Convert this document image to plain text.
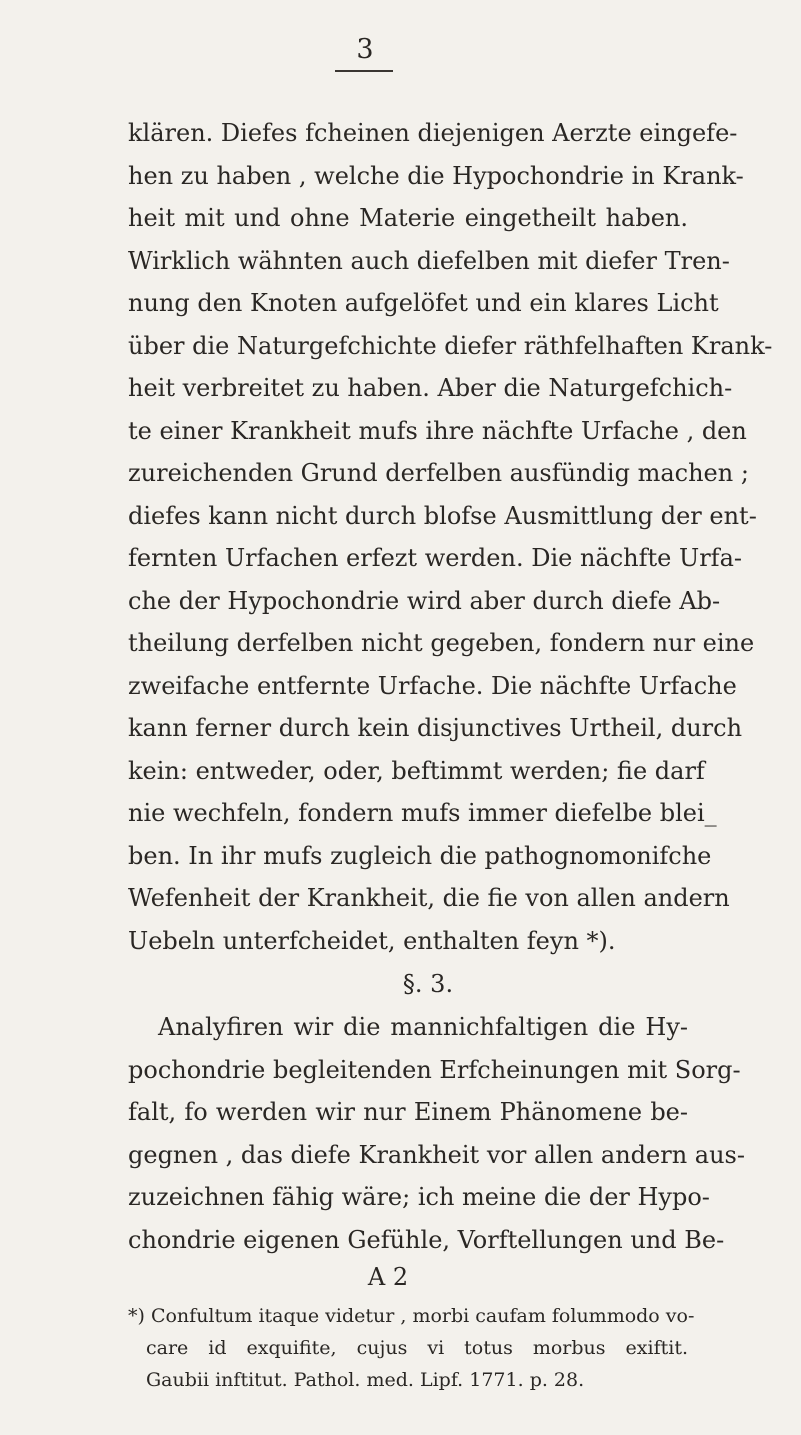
3
klären. Diefes fcheinen diejenigen Aerzte eingefe-
hen zu haben , welche die Hypochondrie in Krank-
heit mit und ohne Materie eingetheilt haben.
Wirklich wähnten auch diefelben mit diefer Tren-
nung den Knoten aufgelöfet und ein klares Licht
über die Naturgefchichte diefer räthfelhaften Krank-
heit verbreitet zu haben. Aber die Naturgefchich-
te einer Krankheit mufs ihre nächfte Urfache , den
zureichenden Grund derfelben ausfündig machen ;
diefes kann nicht durch blofse Ausmittlung der ent-
fernten Urfachen erfezt werden. Die nächfte Urfa-
che der Hypochondrie wird aber durch diefe Ab-
theilung derfelben nicht gegeben, fondern nur eine
zweifache entfernte Urfache. Die nächfte Urfache
kann ferner durch kein disjunctives Urtheil, durch
kein: entweder, oder, beftimmt werden; fie darf
nie wechfeln, fondern mufs immer diefelbe blei_
ben. In ihr mufs zugleich die pathognomonifche
Wefenheit der Krankheit, die fie von allen andern
Uebeln unterfcheidet, enthalten feyn *).
§. 3.
Analyfiren wir die mannichfaltigen die Hy-
pochondrie begleitenden Erfcheinungen mit Sorg-
falt, fo werden wir nur Einem Phänomene be-
gegnen , das diefe Krankheit vor allen andern aus-
zuzeichnen fähig wäre; ich meine die der Hypo-
chondrie eigenen Gefühle, Vorftellungen und Be-
A 2
*) Confultum itaque videtur , morbi caufam folummodo vo-
care id exquifite, cujus vi totus morbus exiftit.
Gaubii inftitut. Pathol. med. Lipf. 1771. p. 28.
